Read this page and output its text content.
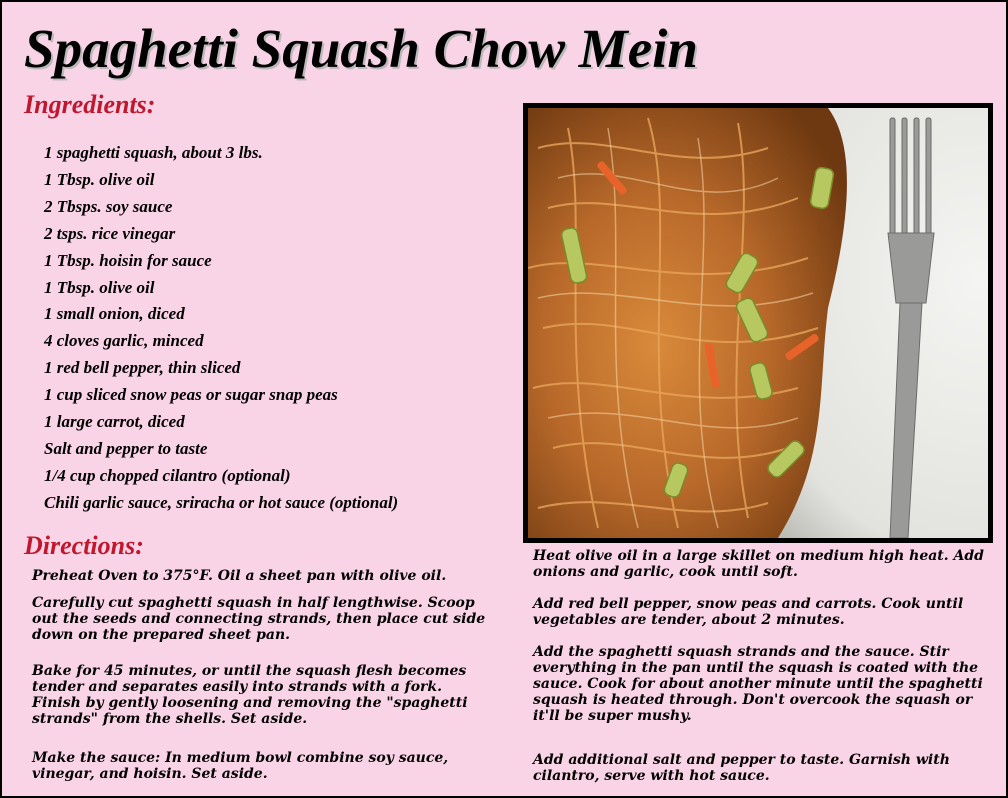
Spaghetti Squash Chow Mein
Ingredients:
1 spaghetti squash, about 3 lbs.
1 Tbsp. olive oil
2 Tbsps. soy sauce
2 tsps. rice vinegar
1 Tbsp. hoisin for sauce
1 Tbsp. olive oil
1 small onion, diced
4 cloves garlic, minced
1 red bell pepper, thin sliced
1 cup sliced snow peas or sugar snap peas
1 large carrot, diced
Salt and pepper to taste
1/4 cup chopped cilantro (optional)
Chili garlic sauce, sriracha or hot sauce (optional)
Directions:

Preheat Oven to 375°F. Oil a sheet pan with olive oil.

Carefully cut spaghetti squash in half lengthwise. Scoop out the seeds and connecting strands, then place cut side down on the prepared sheet pan.

Bake for 45 minutes, or until the squash flesh becomes tender and separates easily into strands with a fork. Finish by gently loosening and removing the "spaghetti strands" from the shells. Set aside.

Make the sauce: In medium bowl combine soy sauce, vinegar, and hoisin. Set aside.

Heat olive oil in a large skillet on medium high heat. Add onions and garlic, cook until soft.

Add red bell pepper, snow peas and carrots. Cook until vegetables are tender, about 2 minutes.

Add the spaghetti squash strands and the sauce. Stir everything in the pan until the squash is coated with the sauce. Cook for about another minute until the spaghetti squash is heated through. Don't overcook the squash or it'll be super mushy.

Add additional salt and pepper to taste. Garnish with cilantro, serve with hot sauce.
